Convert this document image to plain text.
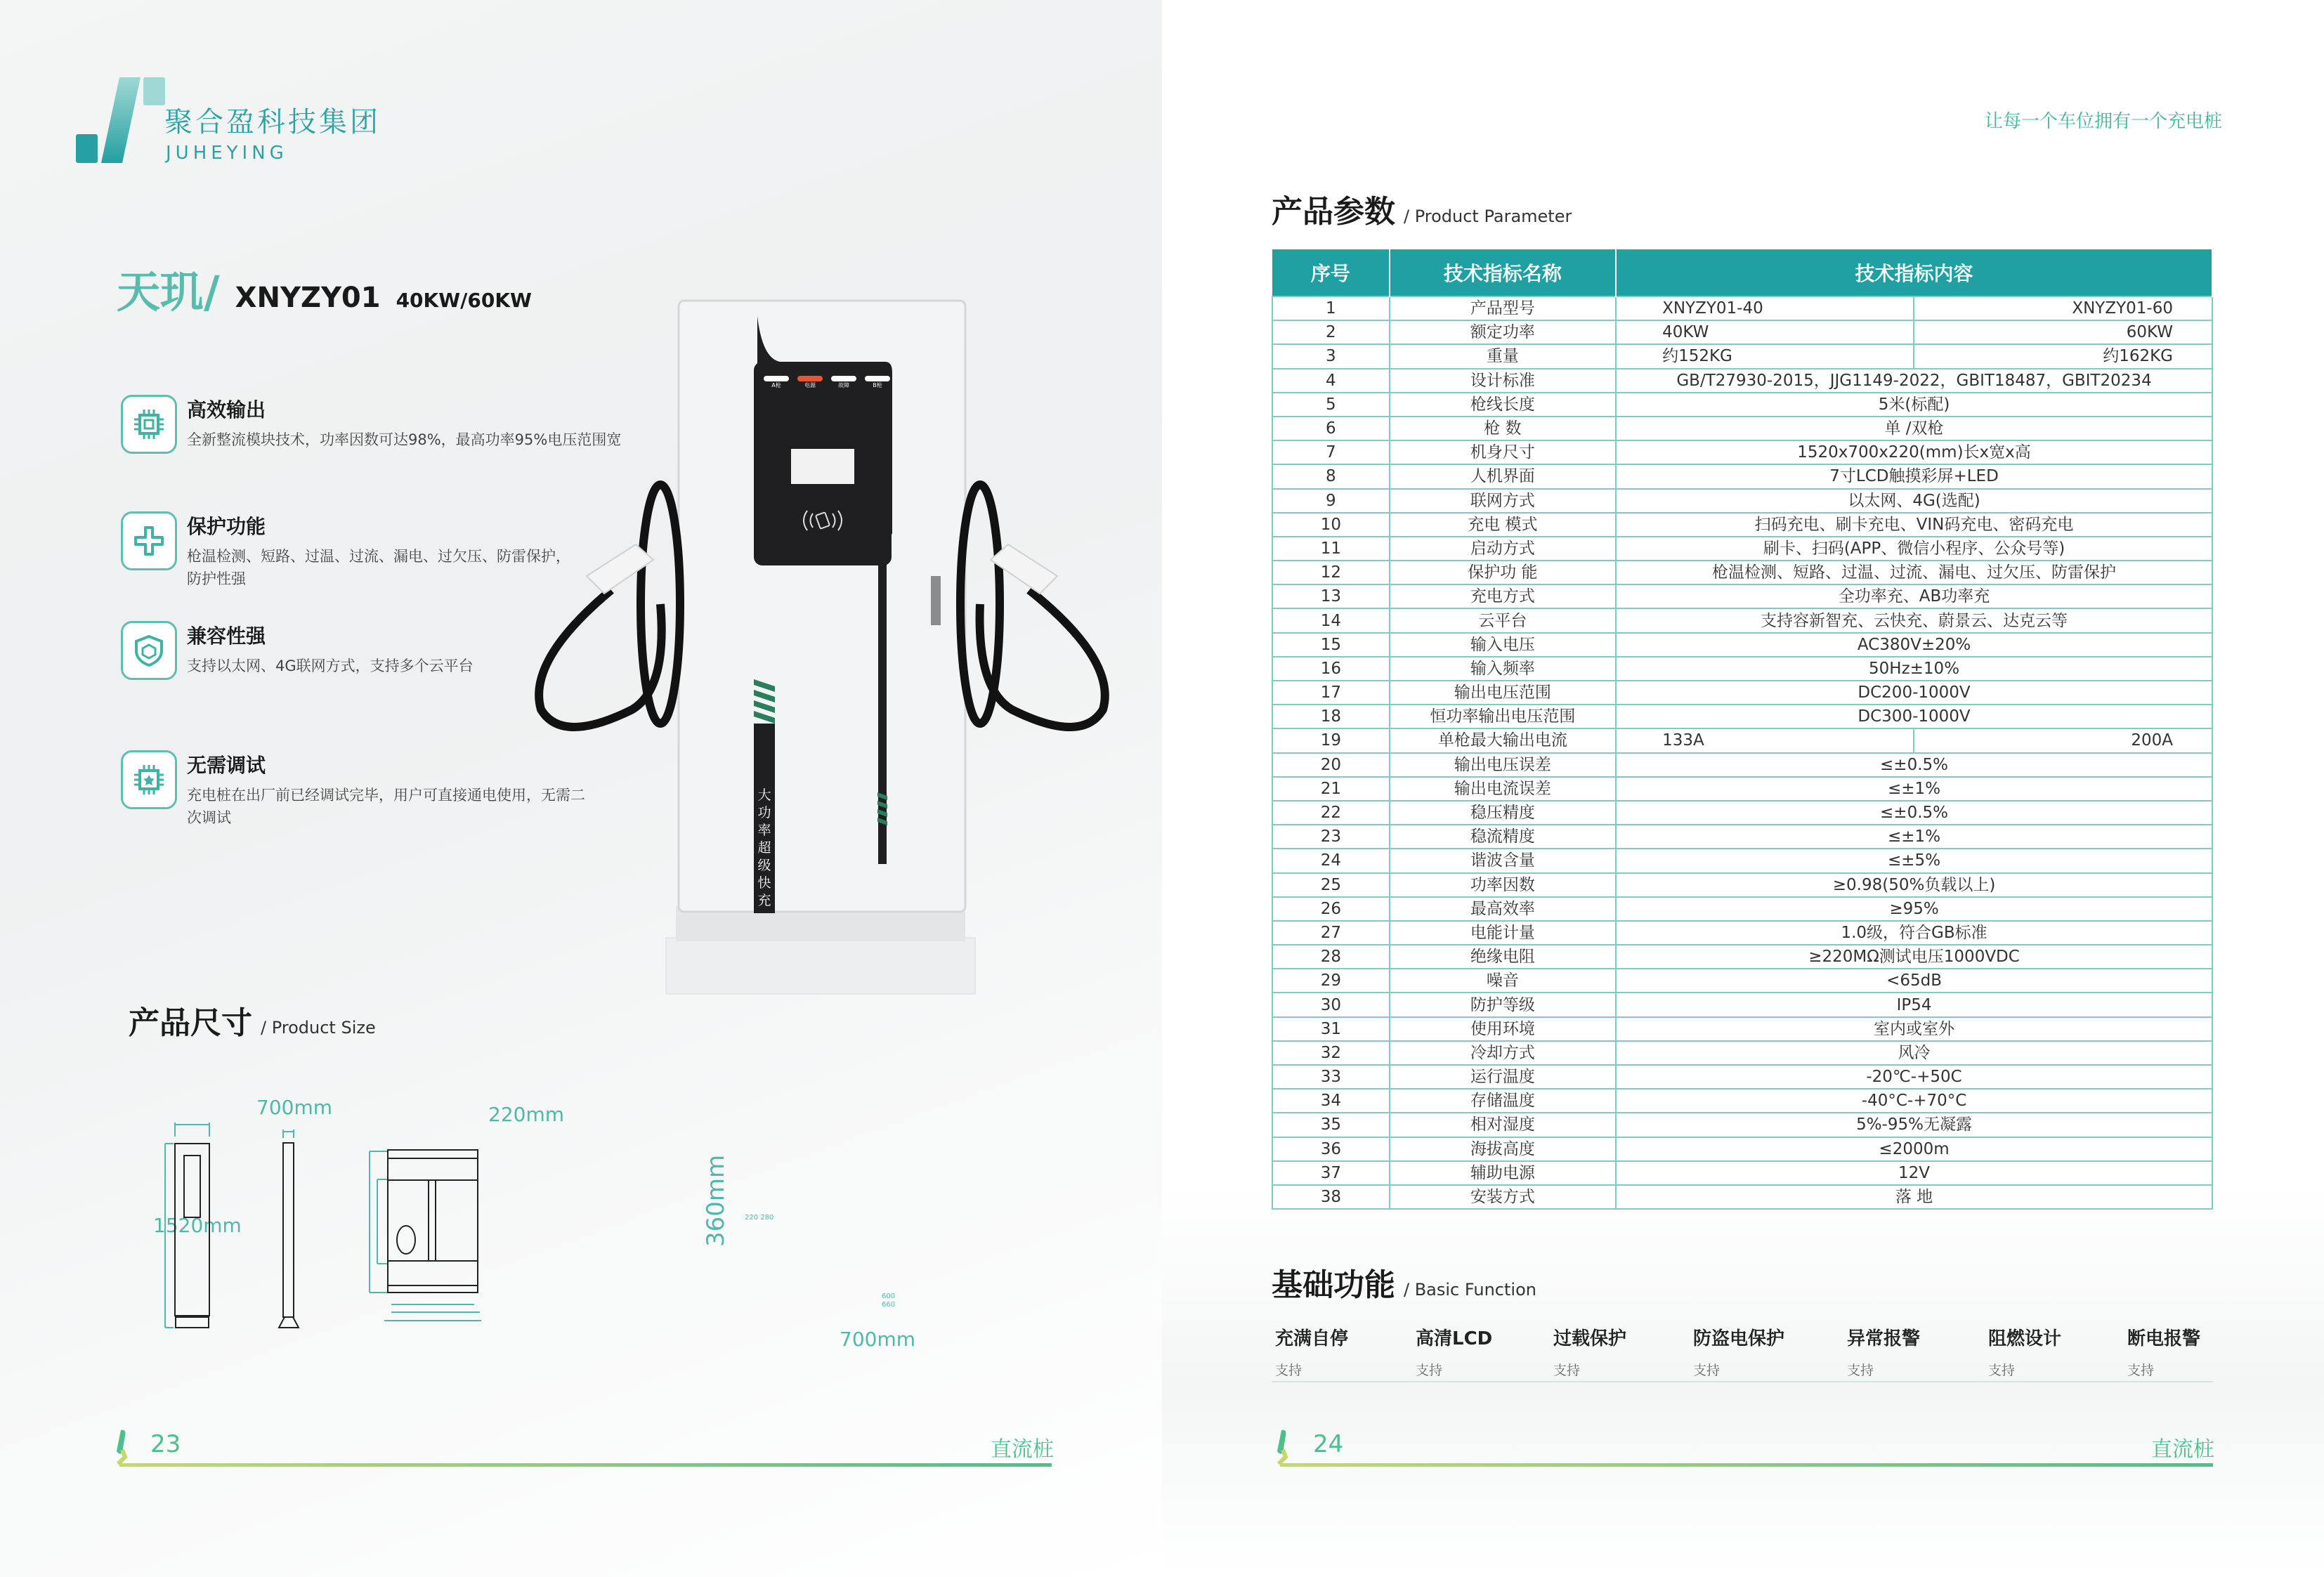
聚合盈科技集团
JUHEYING
天玑/ XNYZY01 40KW/60KW
高效输出
全新整流模块技术，功率因数可达98%，最高功率95%电压范围宽
保护功能
枪温检测、短路、过温、过流、漏电、过欠压、防雷保护，防护性强
兼容性强
支持以太网、4G联网方式，支持多个云平台
无需调试
充电桩在出厂前已经调试完毕，用户可直接通电使用，无需二次调试
A枪	电源	故障	B枪
大功率超级快充
产品尺寸 / Product Size
700mm
1520mm
220mm
360mm
700mm
600
660
220 280
23	直流桩
让每一个车位拥有一个充电桩
产品参数 / Product Parameter
序号	技术指标名称	技术指标内容	
1	产品型号	XNYZY01-40	XNYZY01-60
2	额定功率	40KW	60KW
3	重量	约152KG	约162KG
4	设计标准	GB/T27930-2015，JJG1149-2022，GBIT18487，GBIT20234	
5	枪线长度	5米(标配)	
6	枪 数	单 /双枪	
7	机身尺寸	1520x700x220(mm)长x宽x高	
8	人机界面	7寸LCD触摸彩屏+LED	
9	联网方式	以太网、4G(选配)	
10	充电 模式	扫码充电、刷卡充电、VIN码充电、密码充电	
11	启动方式	刷卡、扫码(APP、微信小程序、公众号等)	
12	保护功 能	枪温检测、短路、过温、过流、漏电、过欠压、防雷保护	
13	充电方式	全功率充、AB功率充	
14	云平台	支持容新智充、云快充、蔚景云、达克云等	
15	输入电压	AC380V±20%	
16	输入频率	50Hz±10%	
17	输出电压范围	DC200-1000V	
18	恒功率输出电压范围	DC300-1000V	
19	单枪最大输出电流	133A	200A
20	输出电压误差	≤±0.5%	
21	输出电流误差	≤±1%	
22	稳压精度	≤±0.5%	
23	稳流精度	≤±1%	
24	谐波含量	≤±5%	
25	功率因数	≥0.98(50%负载以上)	
26	最高效率	≥95%	
27	电能计量	1.0级，符合GB标准	
28	绝缘电阻	≥220MΩ测试电压1000VDC	
29	噪音	<65dB	
30	防护等级	IP54	
31	使用环境	室内或室外	
32	冷却方式	风冷	
33	运行温度	-20℃-+50C	
34	存储温度	-40°C-+70°C	
35	相对湿度	5%-95%无凝露	
36	海拔高度	≤2000m	
37	辅助电源	12V	
38	安装方式	落 地	
基础功能 / Basic Function
充满自停
支持
高清LCD
支持
过载保护
支持
防盗电保护
支持
异常报警
支持
阻燃设计
支持
断电报警
支持
24	直流桩
